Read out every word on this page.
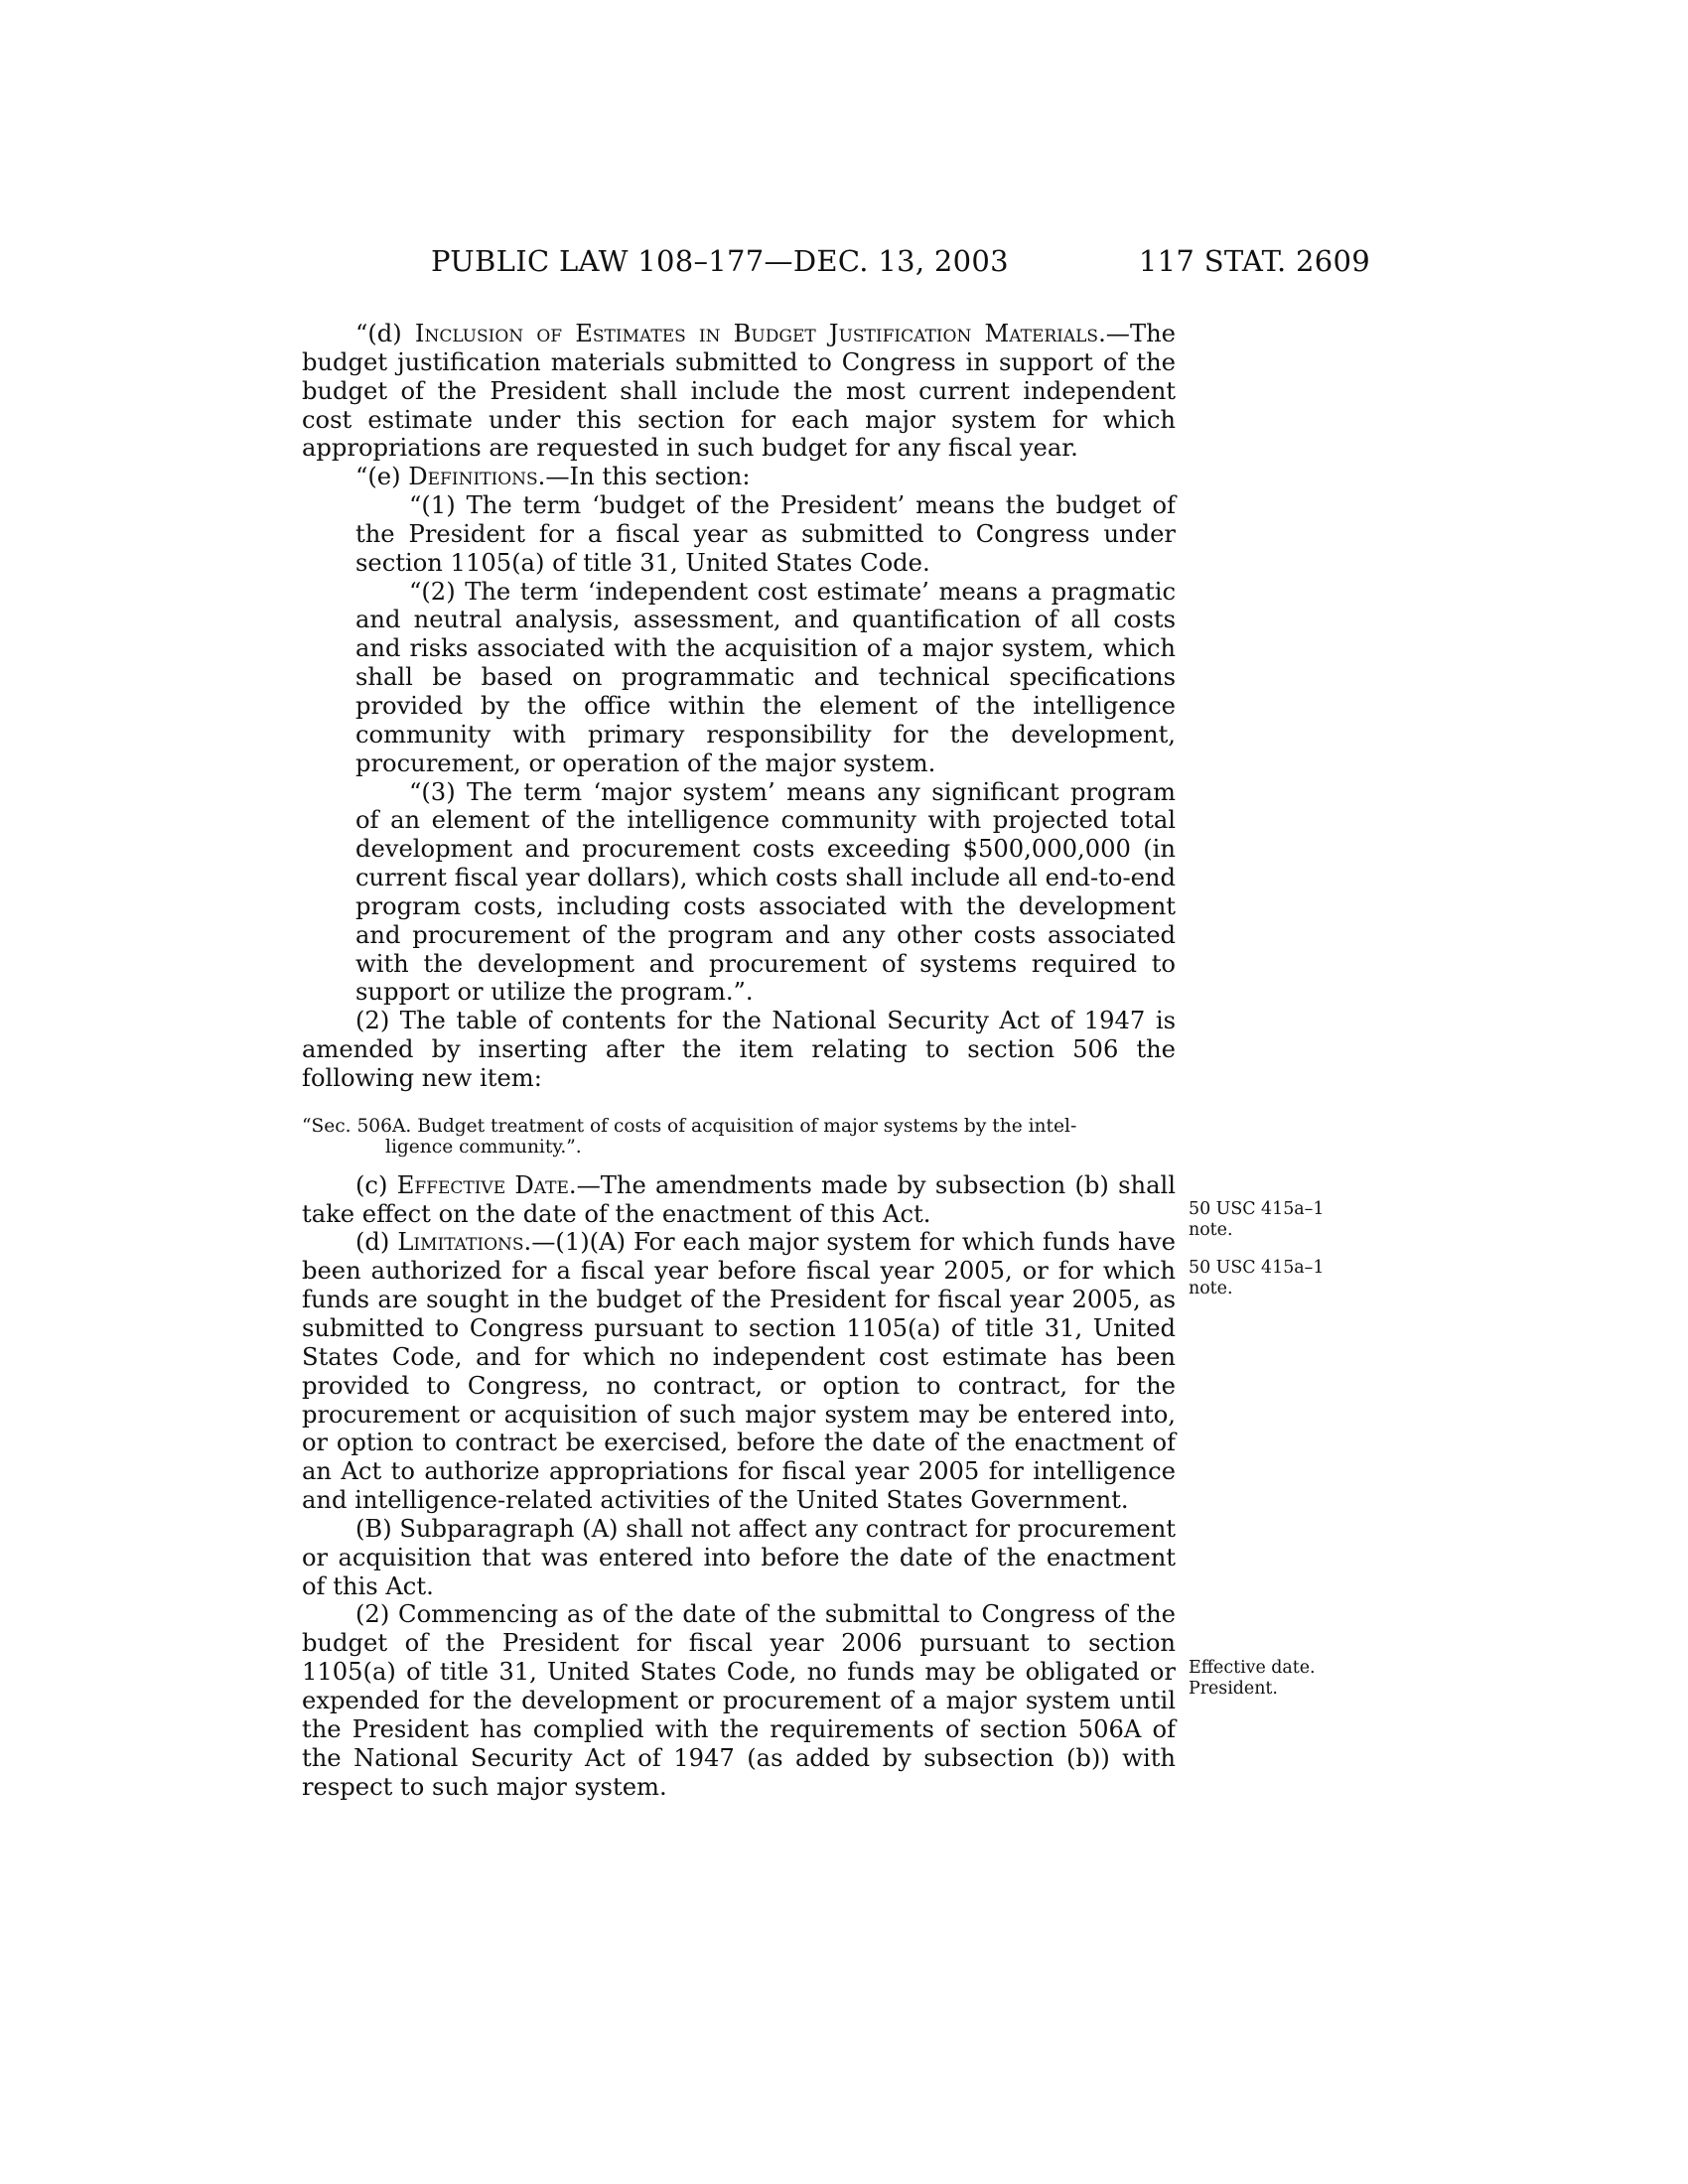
PUBLIC LAW 108–177—DEC. 13, 2003	117 STAT. 2609

“(d) Inclusion of Estimates in Budget Justification Materials.—The budget justification materials submitted to Congress in support of the budget of the President shall include the most current independent cost estimate under this section for each major system for which appropriations are requested in such budget for any fiscal year.

“(e) Definitions.—In this section:

“(1) The term ‘budget of the President’ means the budget of the President for a fiscal year as submitted to Congress under section 1105(a) of title 31, United States Code.

“(2) The term ‘independent cost estimate’ means a pragmatic and neutral analysis, assessment, and quantification of all costs and risks associated with the acquisition of a major system, which shall be based on programmatic and technical specifications provided by the office within the element of the intelligence community with primary responsibility for the development, procurement, or operation of the major system.

“(3) The term ‘major system’ means any significant program of an element of the intelligence community with projected total development and procurement costs exceeding $500,000,000 (in current fiscal year dollars), which costs shall include all end-to-end program costs, including costs associated with the development and procurement of the program and any other costs associated with the development and procurement of systems required to support or utilize the program.”.

(2) The table of contents for the National Security Act of 1947 is amended by inserting after the item relating to section 506 the following new item:

“Sec. 506A. Budget treatment of costs of acquisition of major systems by the intel-
ligence community.”.

(c) Effective Date.—The amendments made by subsection (b) shall take effect on the date of the enactment of this Act.

(d) Limitations.—(1)(A) For each major system for which funds have been authorized for a fiscal year before fiscal year 2005, or for which funds are sought in the budget of the President for fiscal year 2005, as submitted to Congress pursuant to section 1105(a) of title 31, United States Code, and for which no independent cost estimate has been provided to Congress, no contract, or option to contract, for the procurement or acquisition of such major system may be entered into, or option to contract be exercised, before the date of the enactment of an Act to authorize appropriations for fiscal year 2005 for intelligence and intelligence-related activities of the United States Government.

(B) Subparagraph (A) shall not affect any contract for procurement or acquisition that was entered into before the date of the enactment of this Act.

(2) Commencing as of the date of the submittal to Congress of the budget of the President for fiscal year 2006 pursuant to section 1105(a) of title 31, United States Code, no funds may be obligated or expended for the development or procurement of a major system until the President has complied with the requirements of section 506A of the National Security Act of 1947 (as added by subsection (b)) with respect to such major system.

50 USC 415a–1
note.
50 USC 415a–1
note.
Effective date.
President.
